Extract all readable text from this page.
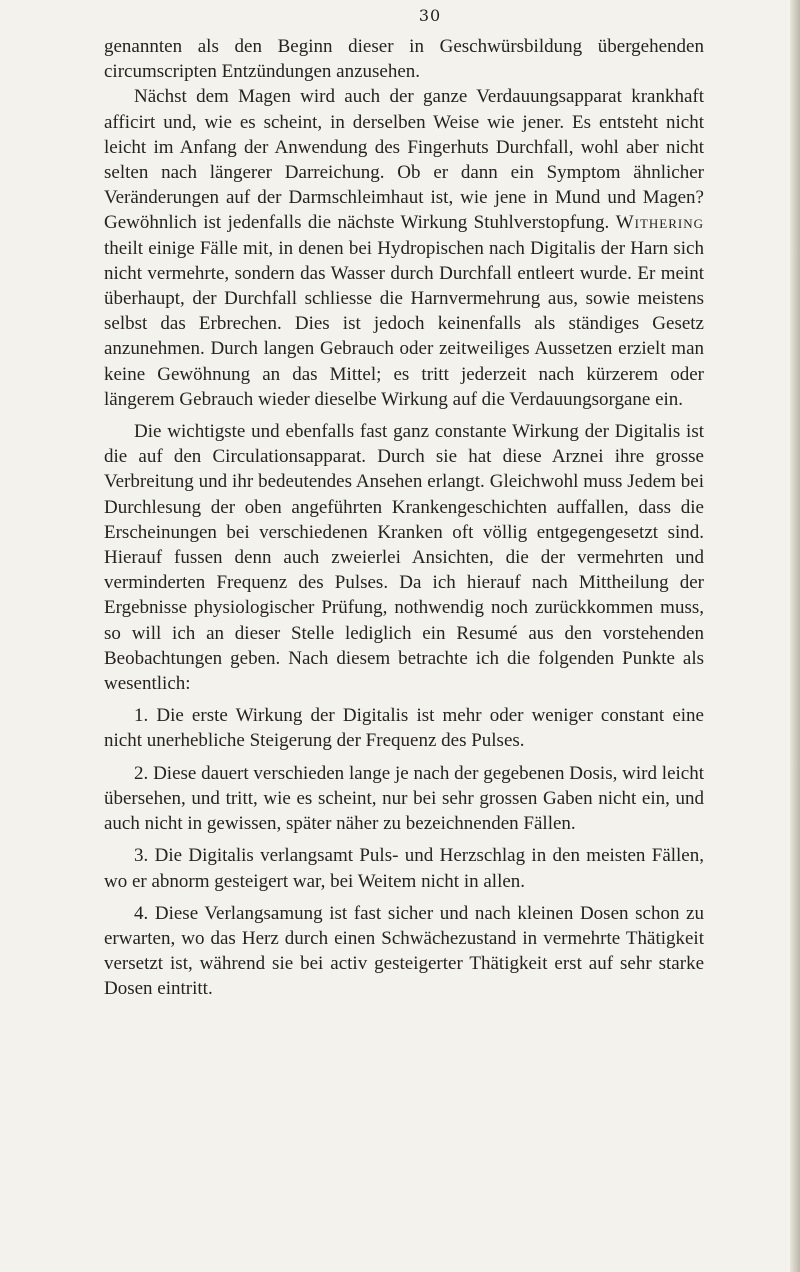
30

genannten als den Beginn dieser in Geschwürsbildung übergehenden circumscripten Entzündungen anzusehen.

Nächst dem Magen wird auch der ganze Verdauungsapparat krankhaft afficirt und, wie es scheint, in derselben Weise wie jener. Es entsteht nicht leicht im Anfang der Anwendung des Fingerhuts Durchfall, wohl aber nicht selten nach längerer Darreichung. Ob er dann ein Symptom ähnlicher Veränderungen auf der Darmschleimhaut ist, wie jene in Mund und Magen? Gewöhnlich ist jedenfalls die nächste Wirkung Stuhlverstopfung. Withering theilt einige Fälle mit, in denen bei Hydropischen nach Digitalis der Harn sich nicht vermehrte, sondern das Wasser durch Durchfall entleert wurde. Er meint überhaupt, der Durchfall schliesse die Harnvermehrung aus, sowie meistens selbst das Erbrechen. Dies ist jedoch keinenfalls als ständiges Gesetz anzunehmen. Durch langen Gebrauch oder zeitweiliges Aussetzen erzielt man keine Gewöhnung an das Mittel; es tritt jederzeit nach kürzerem oder längerem Gebrauch wieder dieselbe Wirkung auf die Verdauungsorgane ein.

Die wichtigste und ebenfalls fast ganz constante Wirkung der Digitalis ist die auf den Circulationsapparat. Durch sie hat diese Arznei ihre grosse Verbreitung und ihr bedeutendes Ansehen erlangt. Gleichwohl muss Jedem bei Durchlesung der oben angeführten Krankengeschichten auffallen, dass die Erscheinungen bei verschiedenen Kranken oft völlig entgegengesetzt sind. Hierauf fussen denn auch zweierlei Ansichten, die der vermehrten und verminderten Frequenz des Pulses. Da ich hierauf nach Mittheilung der Ergebnisse physiologischer Prüfung, nothwendig noch zurückkommen muss, so will ich an dieser Stelle lediglich ein Resumé aus den vorstehenden Beobachtungen geben. Nach diesem betrachte ich die folgenden Punkte als wesentlich:

1. Die erste Wirkung der Digitalis ist mehr oder weniger constant eine nicht unerhebliche Steigerung der Frequenz des Pulses.

2. Diese dauert verschieden lange je nach der gegebenen Dosis, wird leicht übersehen, und tritt, wie es scheint, nur bei sehr grossen Gaben nicht ein, und auch nicht in gewissen, später näher zu bezeichnenden Fällen.

3. Die Digitalis verlangsamt Puls- und Herzschlag in den meisten Fällen, wo er abnorm gesteigert war, bei Weitem nicht in allen.

4. Diese Verlangsamung ist fast sicher und nach kleinen Dosen schon zu erwarten, wo das Herz durch einen Schwächezustand in vermehrte Thätigkeit versetzt ist, während sie bei activ gesteigerter Thätigkeit erst auf sehr starke Dosen eintritt.
